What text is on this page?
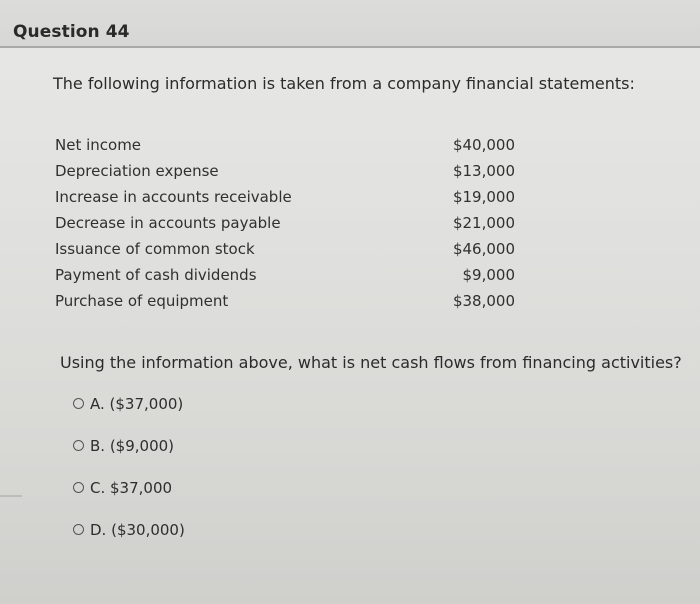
Question 44
The following information is taken from a company financial statements:
Net income	$40,000
Depreciation expense	$13,000
Increase in accounts receivable	$19,000
Decrease in accounts payable	$21,000
Issuance of common stock	$46,000
Payment of cash dividends	$9,000
Purchase of equipment	$38,000
Using the information above, what is net cash flows from financing activities?
A. ($37,000)
B. ($9,000)
C. $37,000
D. ($30,000)
